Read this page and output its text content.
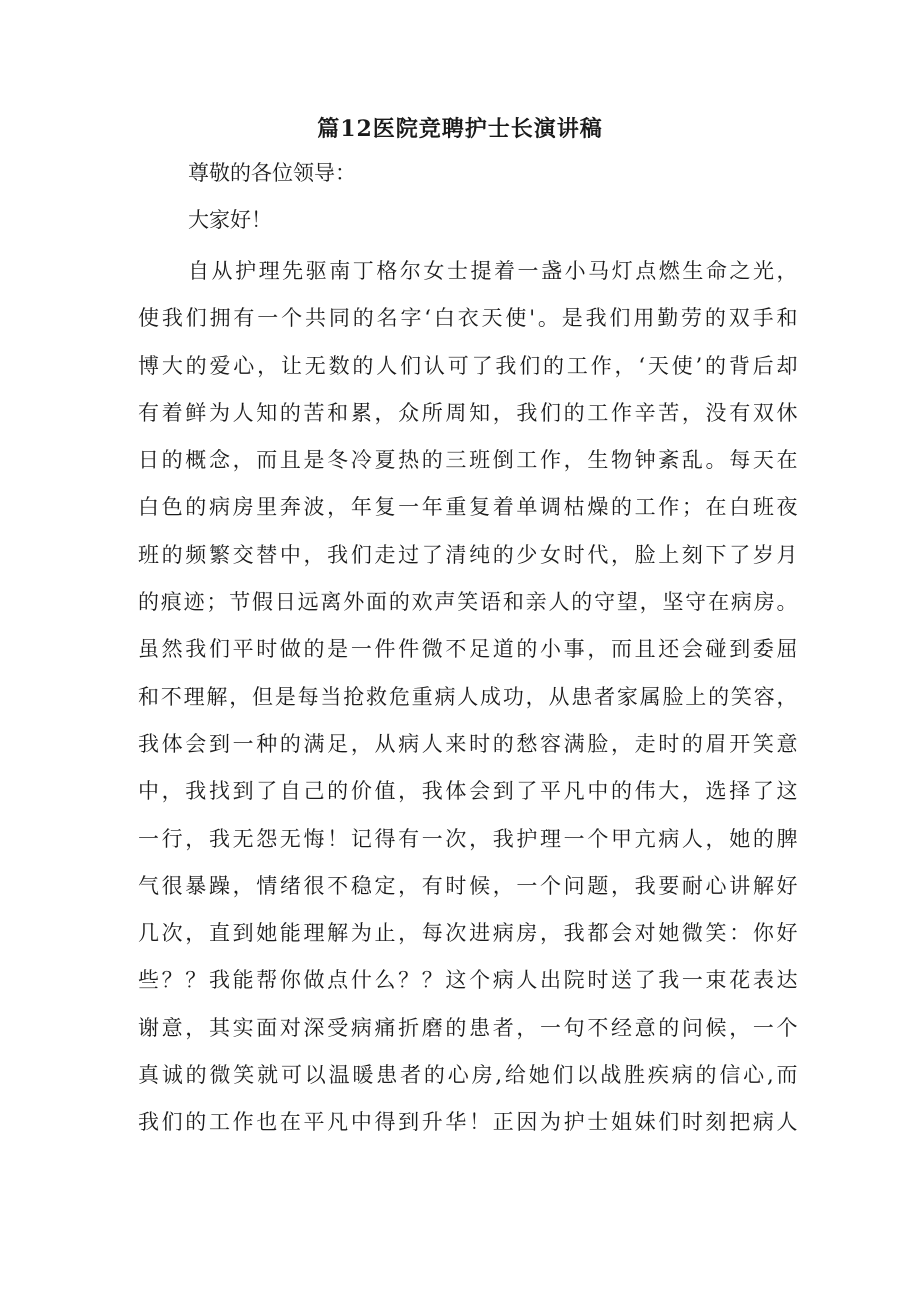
篇12医院竞聘护士长演讲稿

尊敬的各位领导：

大家好！

自从护理先驱南丁格尔女士提着一盏小马灯点燃生命之光，
使我们拥有一个共同的名字‘白衣天使'。是我们用勤劳的双手和
博大的爱心，让无数的人们认可了我们的工作，‘天使’的背后却
有着鲜为人知的苦和累，众所周知，我们的工作辛苦，没有双休
日的概念，而且是冬冷夏热的三班倒工作，生物钟紊乱。每天在
白色的病房里奔波，年复一年重复着单调枯燥的工作；在白班夜
班的频繁交替中，我们走过了清纯的少女时代，脸上刻下了岁月
的痕迹；节假日远离外面的欢声笑语和亲人的守望，坚守在病房。
虽然我们平时做的是一件件微不足道的小事，而且还会碰到委屈
和不理解，但是每当抢救危重病人成功，从患者家属脸上的笑容，
我体会到一种的满足，从病人来时的愁容满脸，走时的眉开笑意
中，我找到了自己的价值，我体会到了平凡中的伟大，选择了这
一行，我无怨无悔！记得有一次，我护理一个甲亢病人，她的脾
气很暴躁，情绪很不稳定，有时候，一个问题，我要耐心讲解好
几次，直到她能理解为止，每次进病房，我都会对她微笑：你好
些？？我能帮你做点什么？？这个病人出院时送了我一束花表达
谢意，其实面对深受病痛折磨的患者，一句不经意的问候，一个
真诚的微笑就可以温暖患者的心房,给她们以战胜疾病的信心,而
我们的工作也在平凡中得到升华！正因为护士姐妹们时刻把病人
